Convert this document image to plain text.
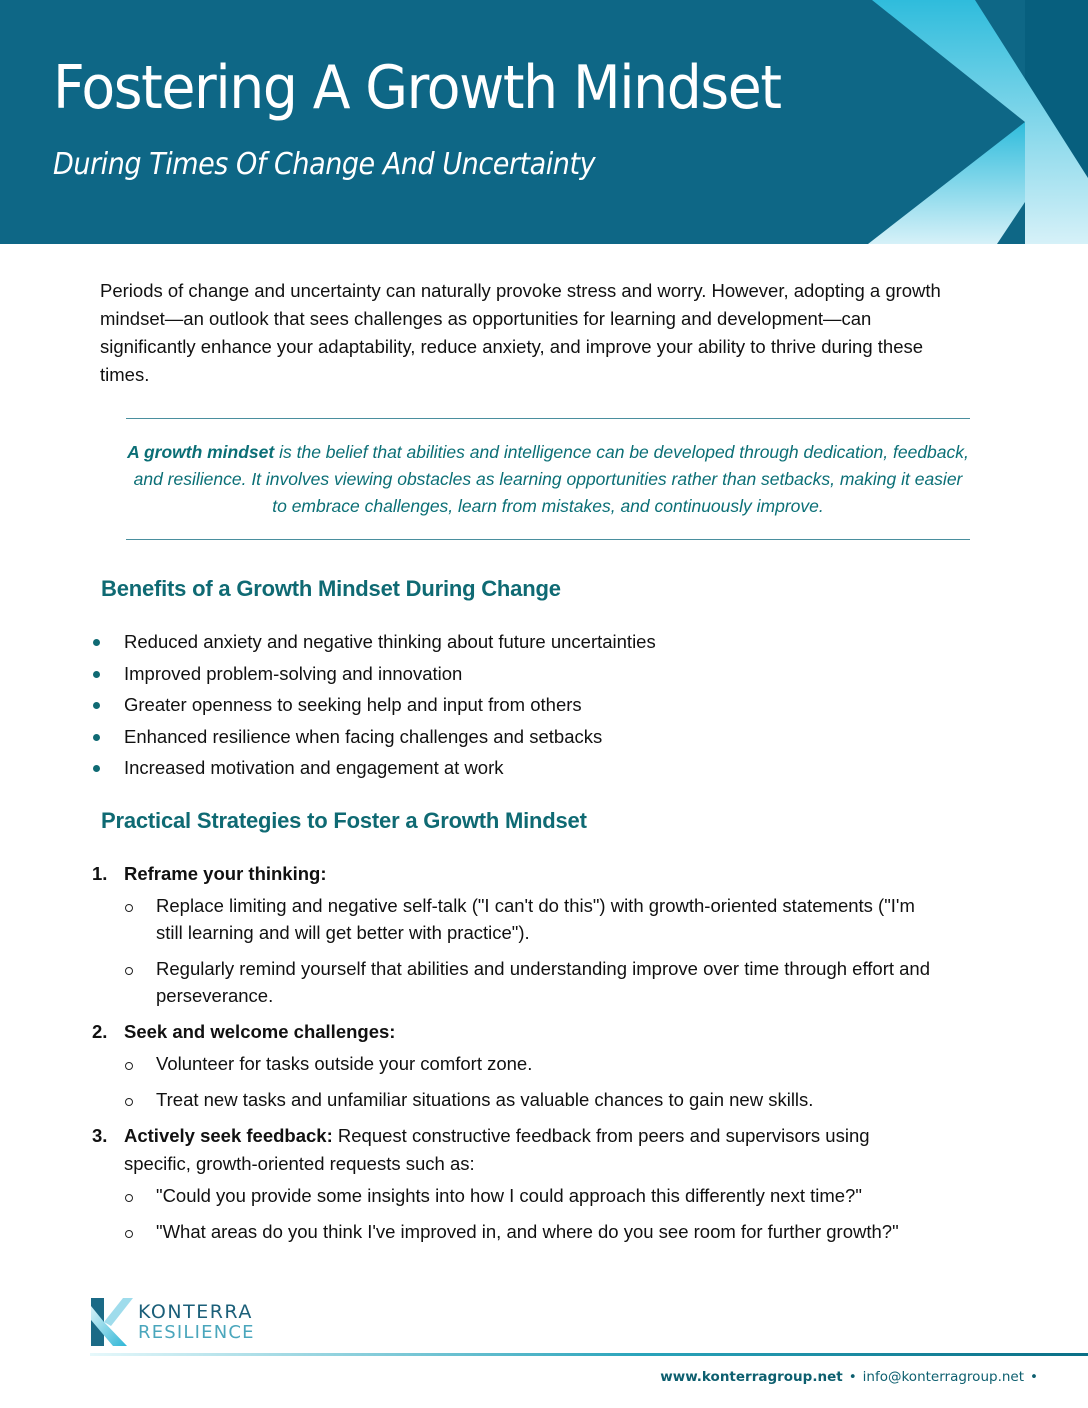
Fostering A Growth Mindset
During Times Of Change And Uncertainty

Periods of change and uncertainty can naturally provoke stress and worry. However, adopting a growth mindset—an outlook that sees challenges as opportunities for learning and development—can significantly enhance your adaptability, reduce anxiety, and improve your ability to thrive during these times.

A growth mindset is the belief that abilities and intelligence can be developed through dedication, feedback, and resilience. It involves viewing obstacles as learning opportunities rather than setbacks, making it easier to embrace challenges, learn from mistakes, and continuously improve.

Benefits of a Growth Mindset During Change
Reduced anxiety and negative thinking about future uncertainties
Improved problem-solving and innovation
Greater openness to seeking help and input from others
Enhanced resilience when facing challenges and setbacks
Increased motivation and engagement at work
Practical Strategies to Foster a Growth Mindset
1. Reframe your thinking:
Replace limiting and negative self-talk ("I can't do this") with growth-oriented statements ("I'm still learning and will get better with practice").
Regularly remind yourself that abilities and understanding improve over time through effort and perseverance.
2. Seek and welcome challenges:
Volunteer for tasks outside your comfort zone.
Treat new tasks and unfamiliar situations as valuable chances to gain new skills.
3. Actively seek feedback: Request constructive feedback from peers and supervisors using specific, growth-oriented requests such as:
"Could you provide some insights into how I could approach this differently next time?"
"What areas do you think I've improved in, and where do you see room for further growth?"
KONTERRA
RESILIENCE
www.konterragroup.net • info@konterragroup.net •
